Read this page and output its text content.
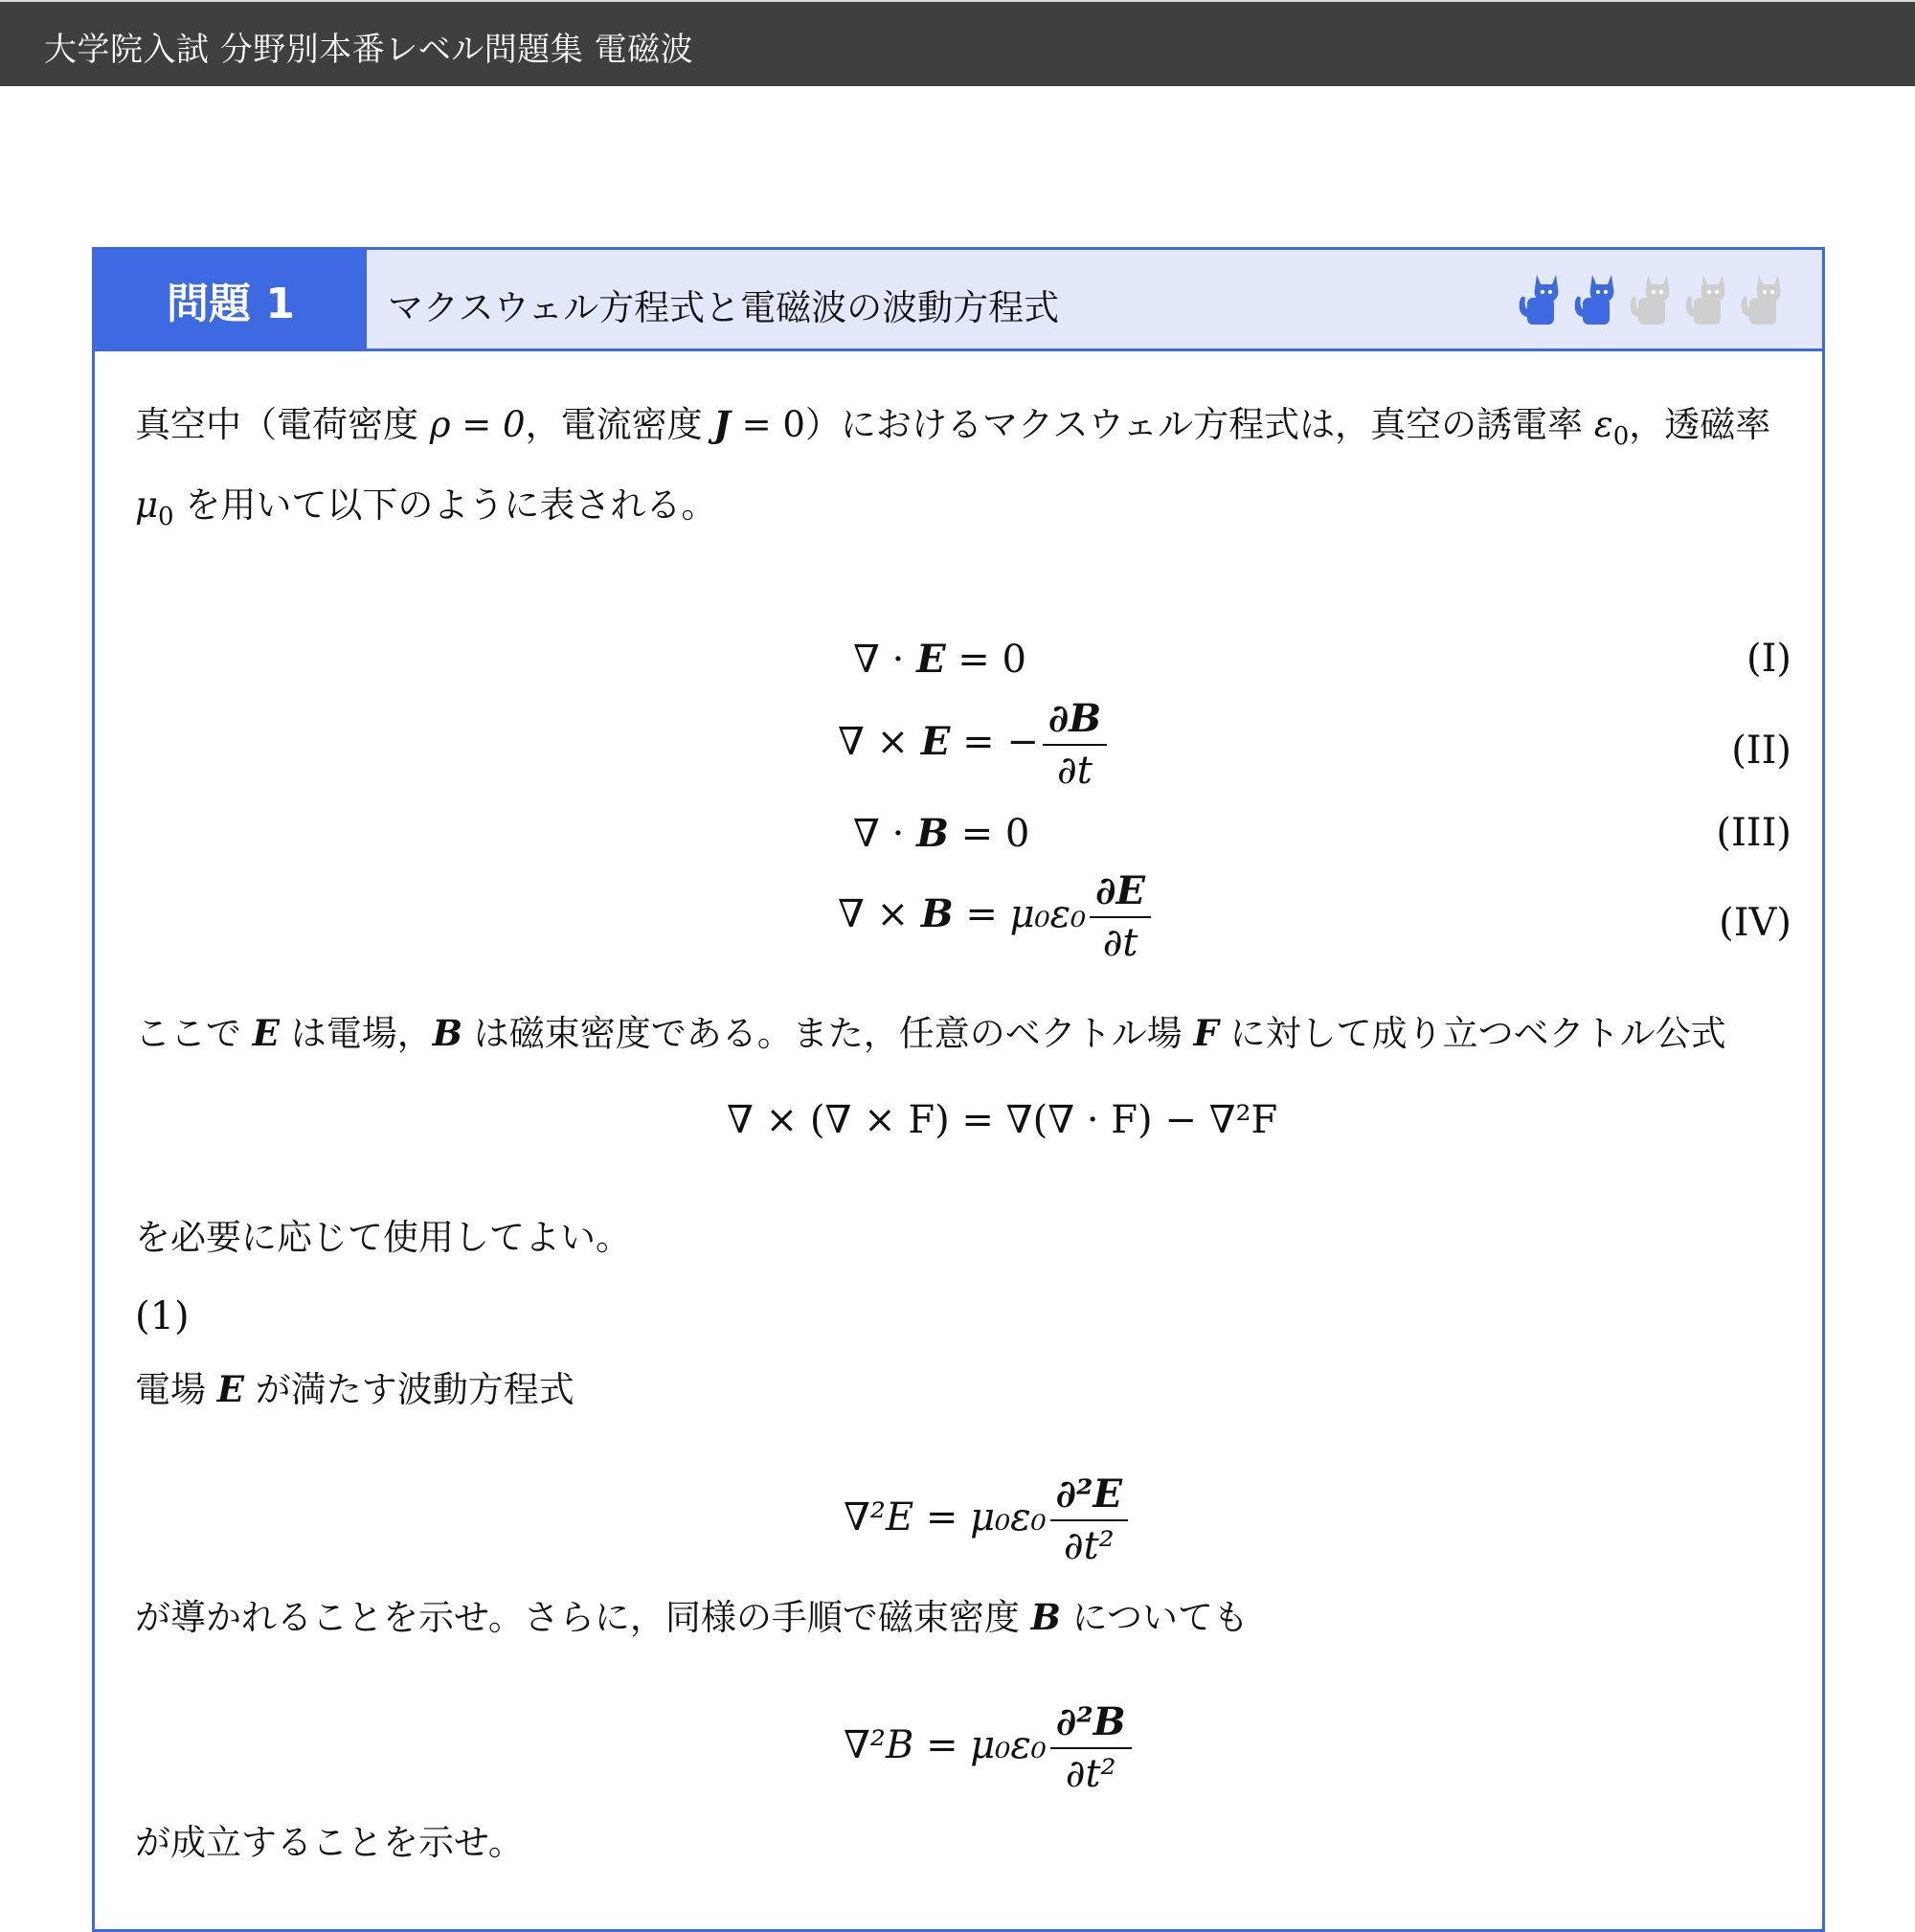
大学院入試 分野別本番レベル問題集 電磁波
問題 1	マクスウェル方程式と電磁波の波動方程式
真空中（電荷密度 ρ = 0，電流密度 J = 0）におけるマクスウェル方程式は，真空の誘電率 $\varepsilon_0$，透磁率 $\mu_0$ を用いて以下のように表される。
∇ · E = 0	(I)
∇ × E = − $\frac{\partial B}{\partial t}$	(II)
∇ · B = 0	(III)
∇ × $B = \mu_0\varepsilon_0 \frac{\partial E}{\partial t}$	(IV)
ここで E は電場，B は磁束密度である。また，任意のベクトル場 F に対して成り立つベクトル公式
∇ × (∇ × F) = ∇(∇ · F) − ∇²F
を必要に応じて使用してよい。
(1)
電場 E が満たす波動方程式
$\nabla^2E = \mu_0\varepsilon_0 \frac{\text{∂²E}}{\text{∂t²}}$
が導かれることを示せ。さらに，同様の手順で磁束密度 B についても
$\nabla^2B = \mu_0\varepsilon_0 \frac{\text{∂²B}}{\text{∂t²}}$
が成立することを示せ。
